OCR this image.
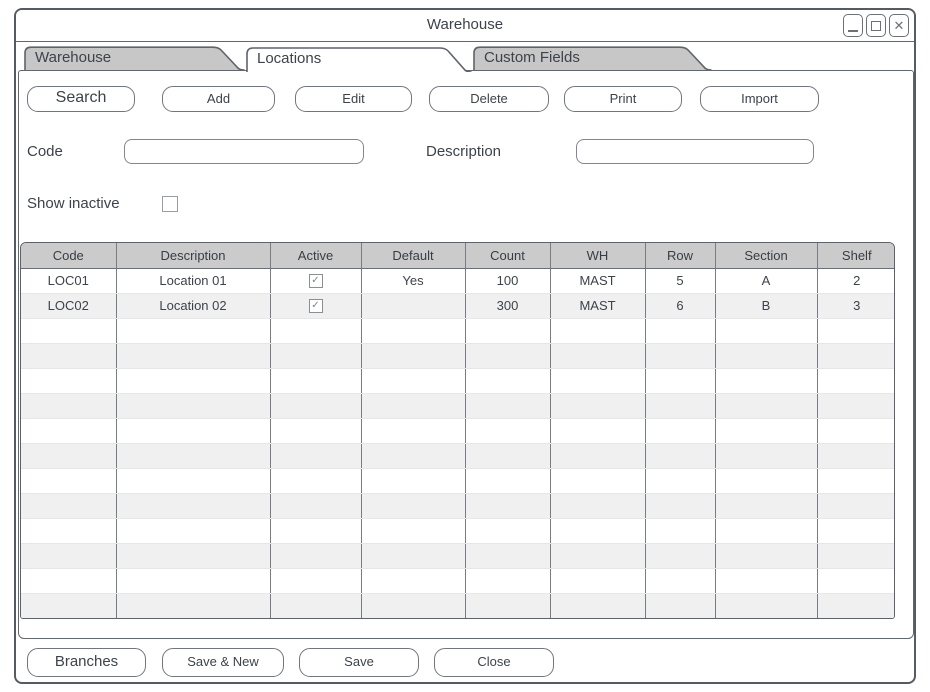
Warehouse	✕
Warehouse	Locations	Custom Fields
Search	Add	Edit	Delete	Print	Import
Code	Description
Show inactive
Code	Description	Active	Default	Count	WH	Row	Section	Shelf
LOC01	Location 01	✓	Yes	100	MAST	5	A	2
LOC02	Location 02	✓		300	MAST	6	B	3

Branches	Save & New	Save	Close
